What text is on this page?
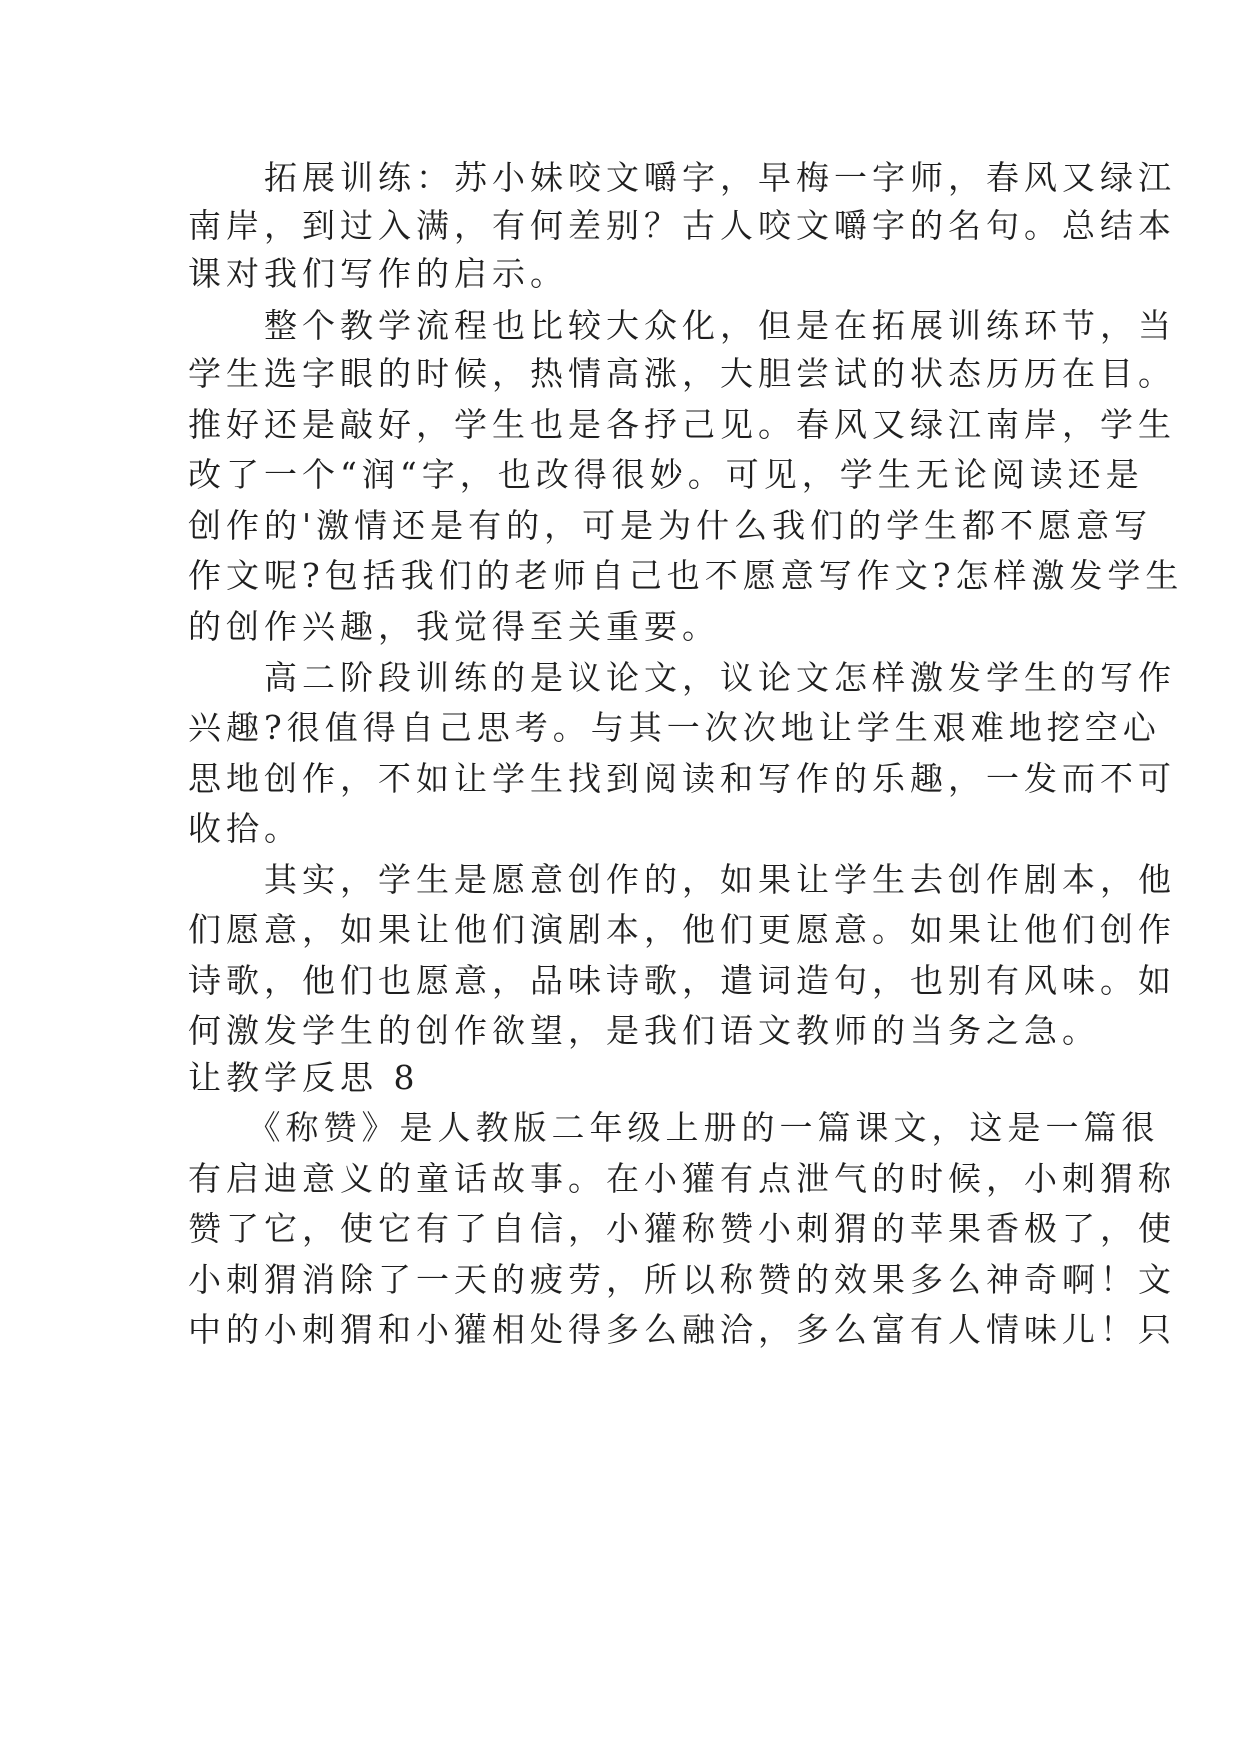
　　拓展训练：苏小妹咬文嚼字，早梅一字师，春风又绿江
南岸，到过入满，有何差别？古人咬文嚼字的名句。总结本
课对我们写作的启示。
　　整个教学流程也比较大众化，但是在拓展训练环节，当
学生选字眼的时候，热情高涨，大胆尝试的状态历历在目。
推好还是敲好，学生也是各抒己见。春风又绿江南岸，学生
改了一个“润“字，也改得很妙。可见，学生无论阅读还是
创作的'激情还是有的，可是为什么我们的学生都不愿意写
作文呢?包括我们的老师自己也不愿意写作文?怎样激发学生
的创作兴趣，我觉得至关重要。
　　高二阶段训练的是议论文，议论文怎样激发学生的写作
兴趣?很值得自己思考。与其一次次地让学生艰难地挖空心
思地创作，不如让学生找到阅读和写作的乐趣，一发而不可
收拾。
　　其实，学生是愿意创作的，如果让学生去创作剧本，他
们愿意，如果让他们演剧本，他们更愿意。如果让他们创作
诗歌，他们也愿意，品味诗歌，遣词造句，也别有风味。如
何激发学生的创作欲望，是我们语文教师的当务之急。
让教学反思 8
　　《称赞》是人教版二年级上册的一篇课文，这是一篇很
有启迪意义的童话故事。在小獾有点泄气的时候，小刺猬称
赞了它，使它有了自信，小獾称赞小刺猬的苹果香极了，使
小刺猬消除了一天的疲劳，所以称赞的效果多么神奇啊！文
中的小刺猬和小獾相处得多么融洽，多么富有人情味儿！只
